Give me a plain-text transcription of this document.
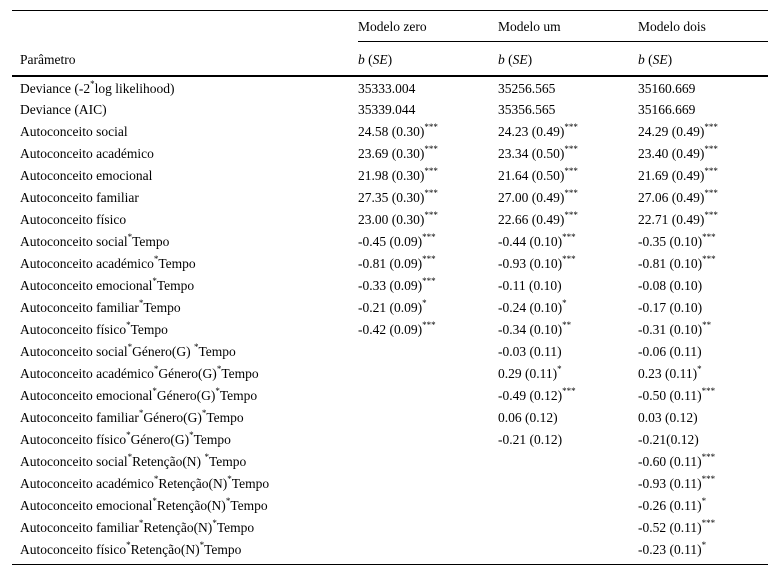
	Modelo zero	Modelo um	Modelo dois

Parâmetro	b (SE)	b (SE)	b (SE)
Deviance (-2*log likelihood)	35333.004	35256.565	35160.669
Deviance (AIC)	35339.044	35356.565	35166.669
Autoconceito social	24.58 (0.30)***	24.23 (0.49)***	24.29 (0.49)***
Autoconceito académico	23.69 (0.30)***	23.34 (0.50)***	23.40 (0.49)***
Autoconceito emocional	21.98 (0.30)***	21.64 (0.50)***	21.69 (0.49)***
Autoconceito familiar	27.35 (0.30)***	27.00 (0.49)***	27.06 (0.49)***
Autoconceito físico	23.00 (0.30)***	22.66 (0.49)***	22.71 (0.49)***
Autoconceito social*Tempo	-0.45 (0.09)***	-0.44 (0.10)***	-0.35 (0.10)***
Autoconceito académico*Tempo	-0.81 (0.09)***	-0.93 (0.10)***	-0.81 (0.10)***
Autoconceito emocional*Tempo	-0.33 (0.09)***	-0.11 (0.10)	-0.08 (0.10)
Autoconceito familiar*Tempo	-0.21 (0.09)*	-0.24 (0.10)*	-0.17 (0.10)
Autoconceito físico*Tempo	-0.42 (0.09)***	-0.34 (0.10)**	-0.31 (0.10)**
Autoconceito social*Género(G) *Tempo		-0.03 (0.11)	-0.06 (0.11)
Autoconceito académico*Género(G)*Tempo		0.29 (0.11)*	0.23 (0.11)*
Autoconceito emocional*Género(G)*Tempo		-0.49 (0.12)***	-0.50 (0.11)***
Autoconceito familiar*Género(G)*Tempo		0.06 (0.12)	0.03 (0.12)
Autoconceito físico*Género(G)*Tempo		-0.21 (0.12)	-0.21(0.12)
Autoconceito social*Retenção(N) *Tempo			-0.60 (0.11)***
Autoconceito académico*Retenção(N)*Tempo			-0.93 (0.11)***
Autoconceito emocional*Retenção(N)*Tempo			-0.26 (0.11)*
Autoconceito familiar*Retenção(N)*Tempo			-0.52 (0.11)***
Autoconceito físico*Retenção(N)*Tempo			-0.23 (0.11)*
